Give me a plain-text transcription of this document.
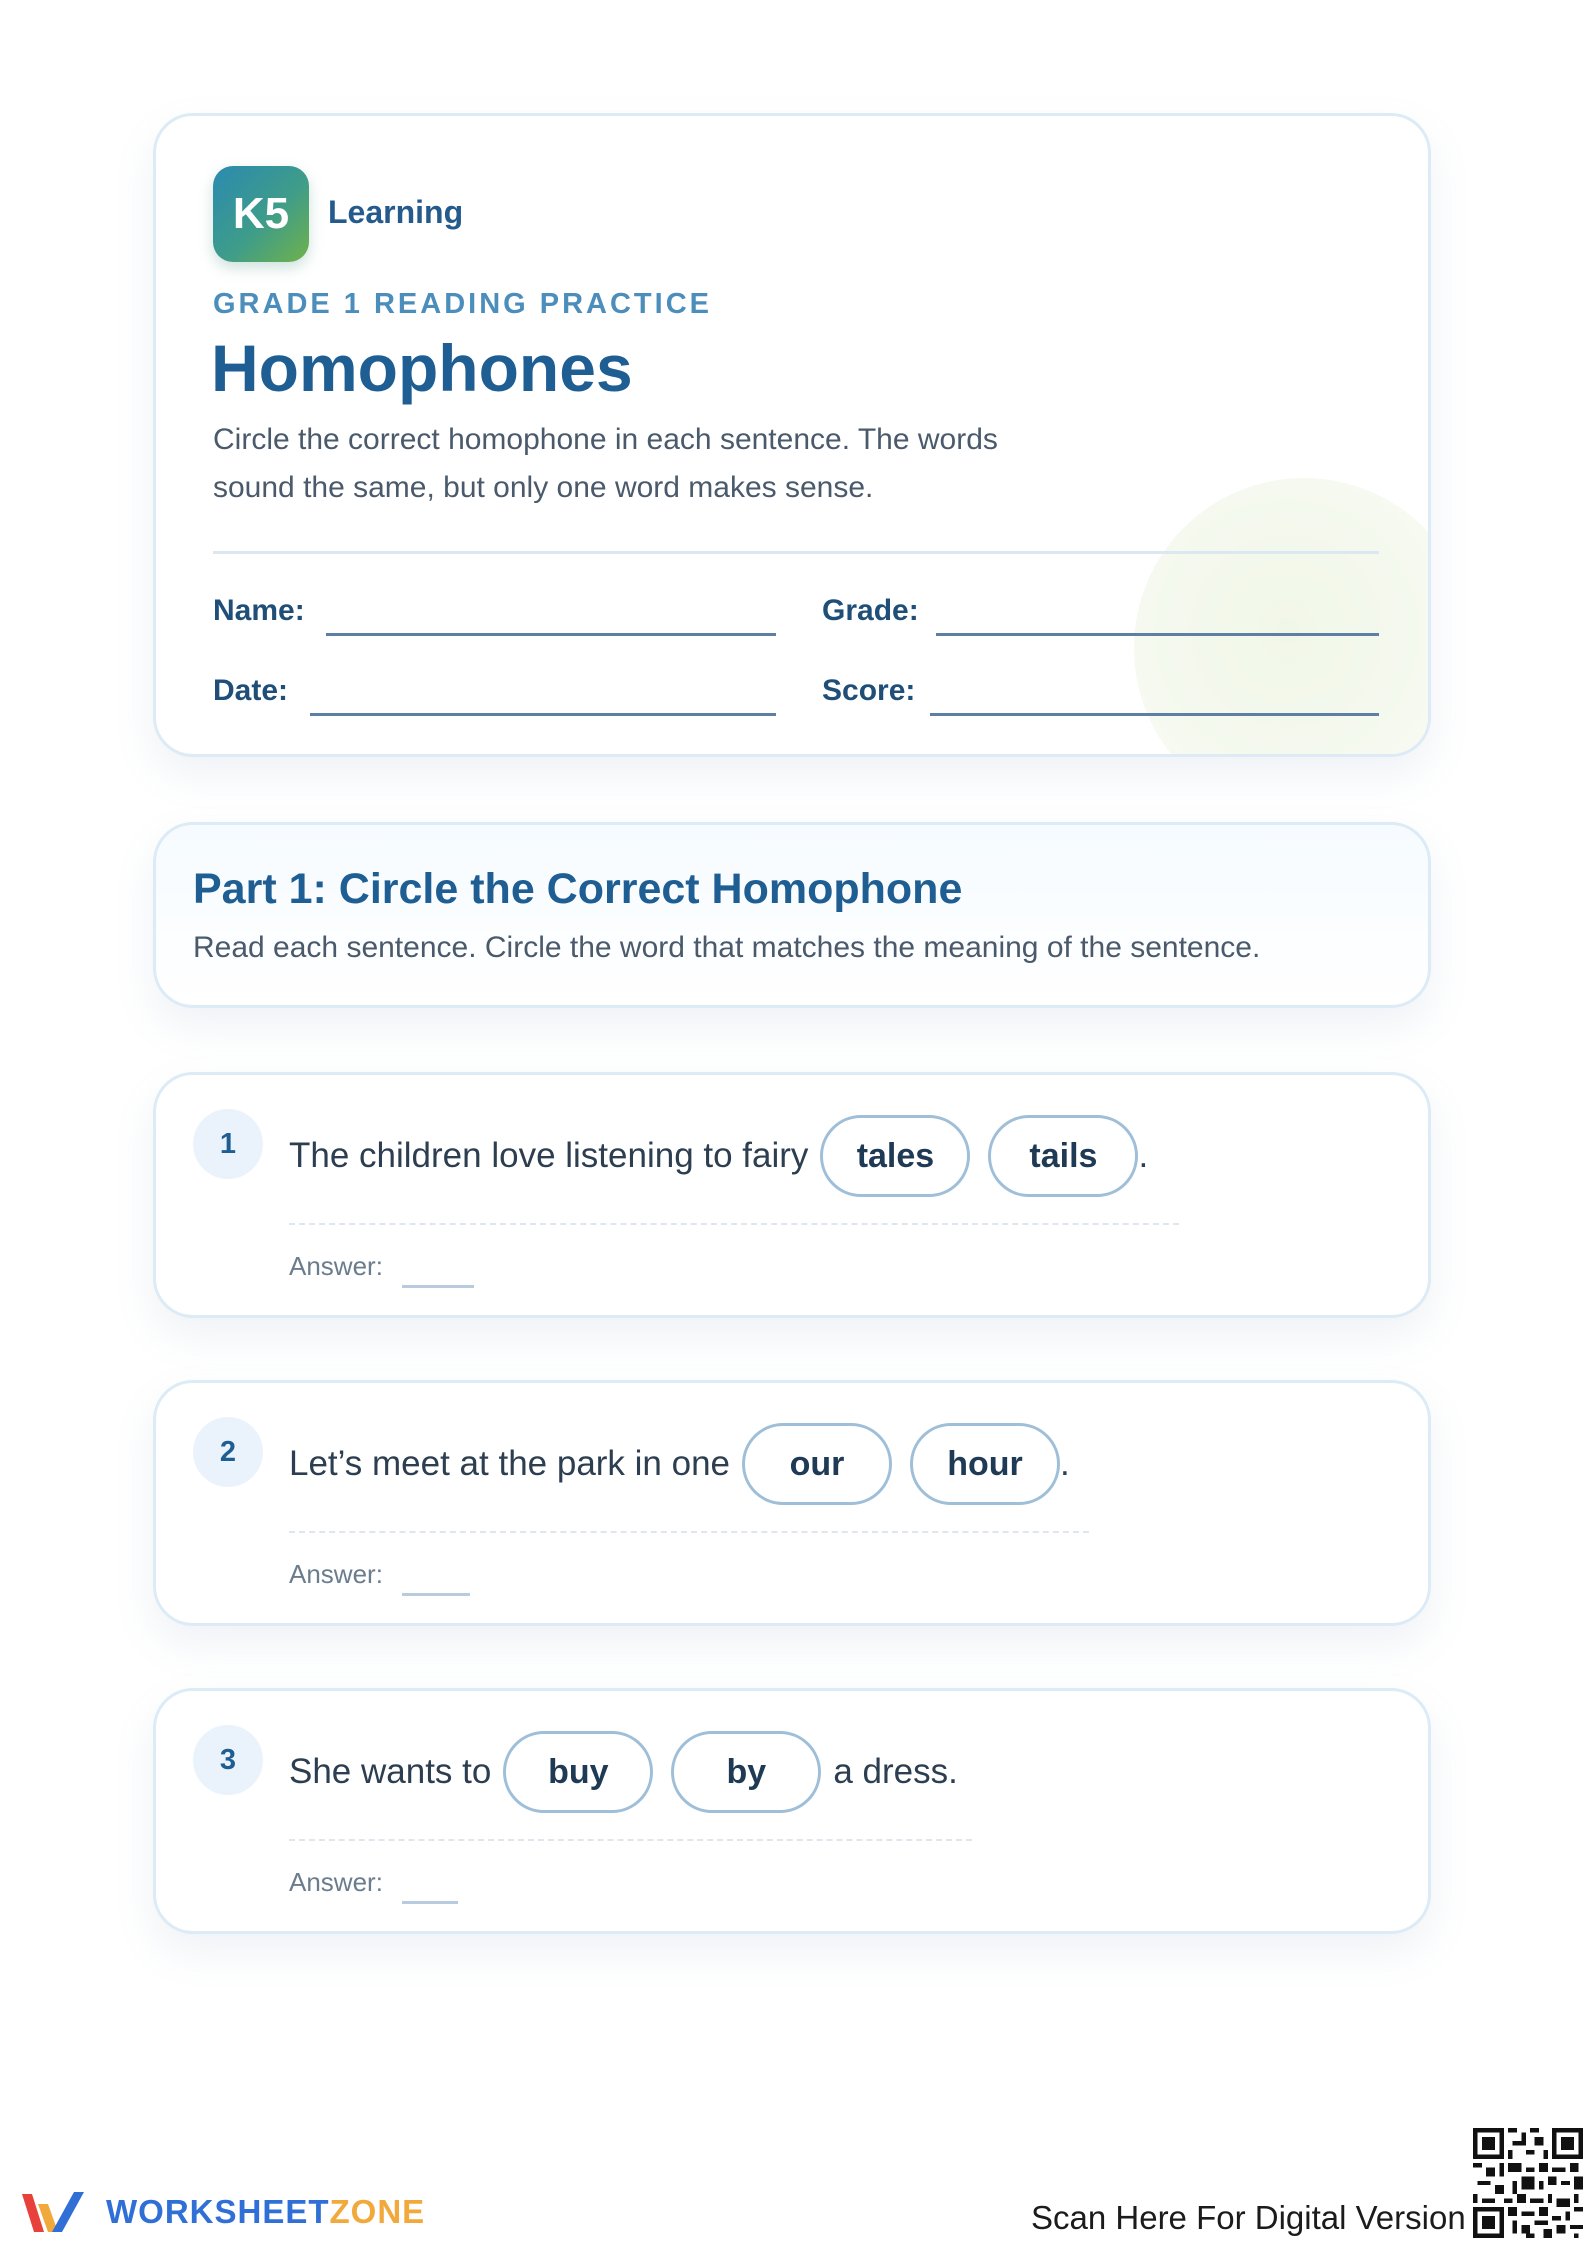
K5	Learning
GRADE 1 READING PRACTICE
Homophones
Circle the correct homophone in each sentence. The words sound the same, but only one word makes sense.
Name:	Grade:
Date:	Score:
Part 1: Circle the Correct Homophone
Read each sentence. Circle the word that matches the meaning of the sentence.
1	The children love listening to fairy	tales	tails	.
Answer:
2	Let’s meet at the park in one	our	hour	.
Answer:
3	She wants to	buy	by	a dress.
Answer:
WORKSHEETZONE	Scan Here For Digital Version
